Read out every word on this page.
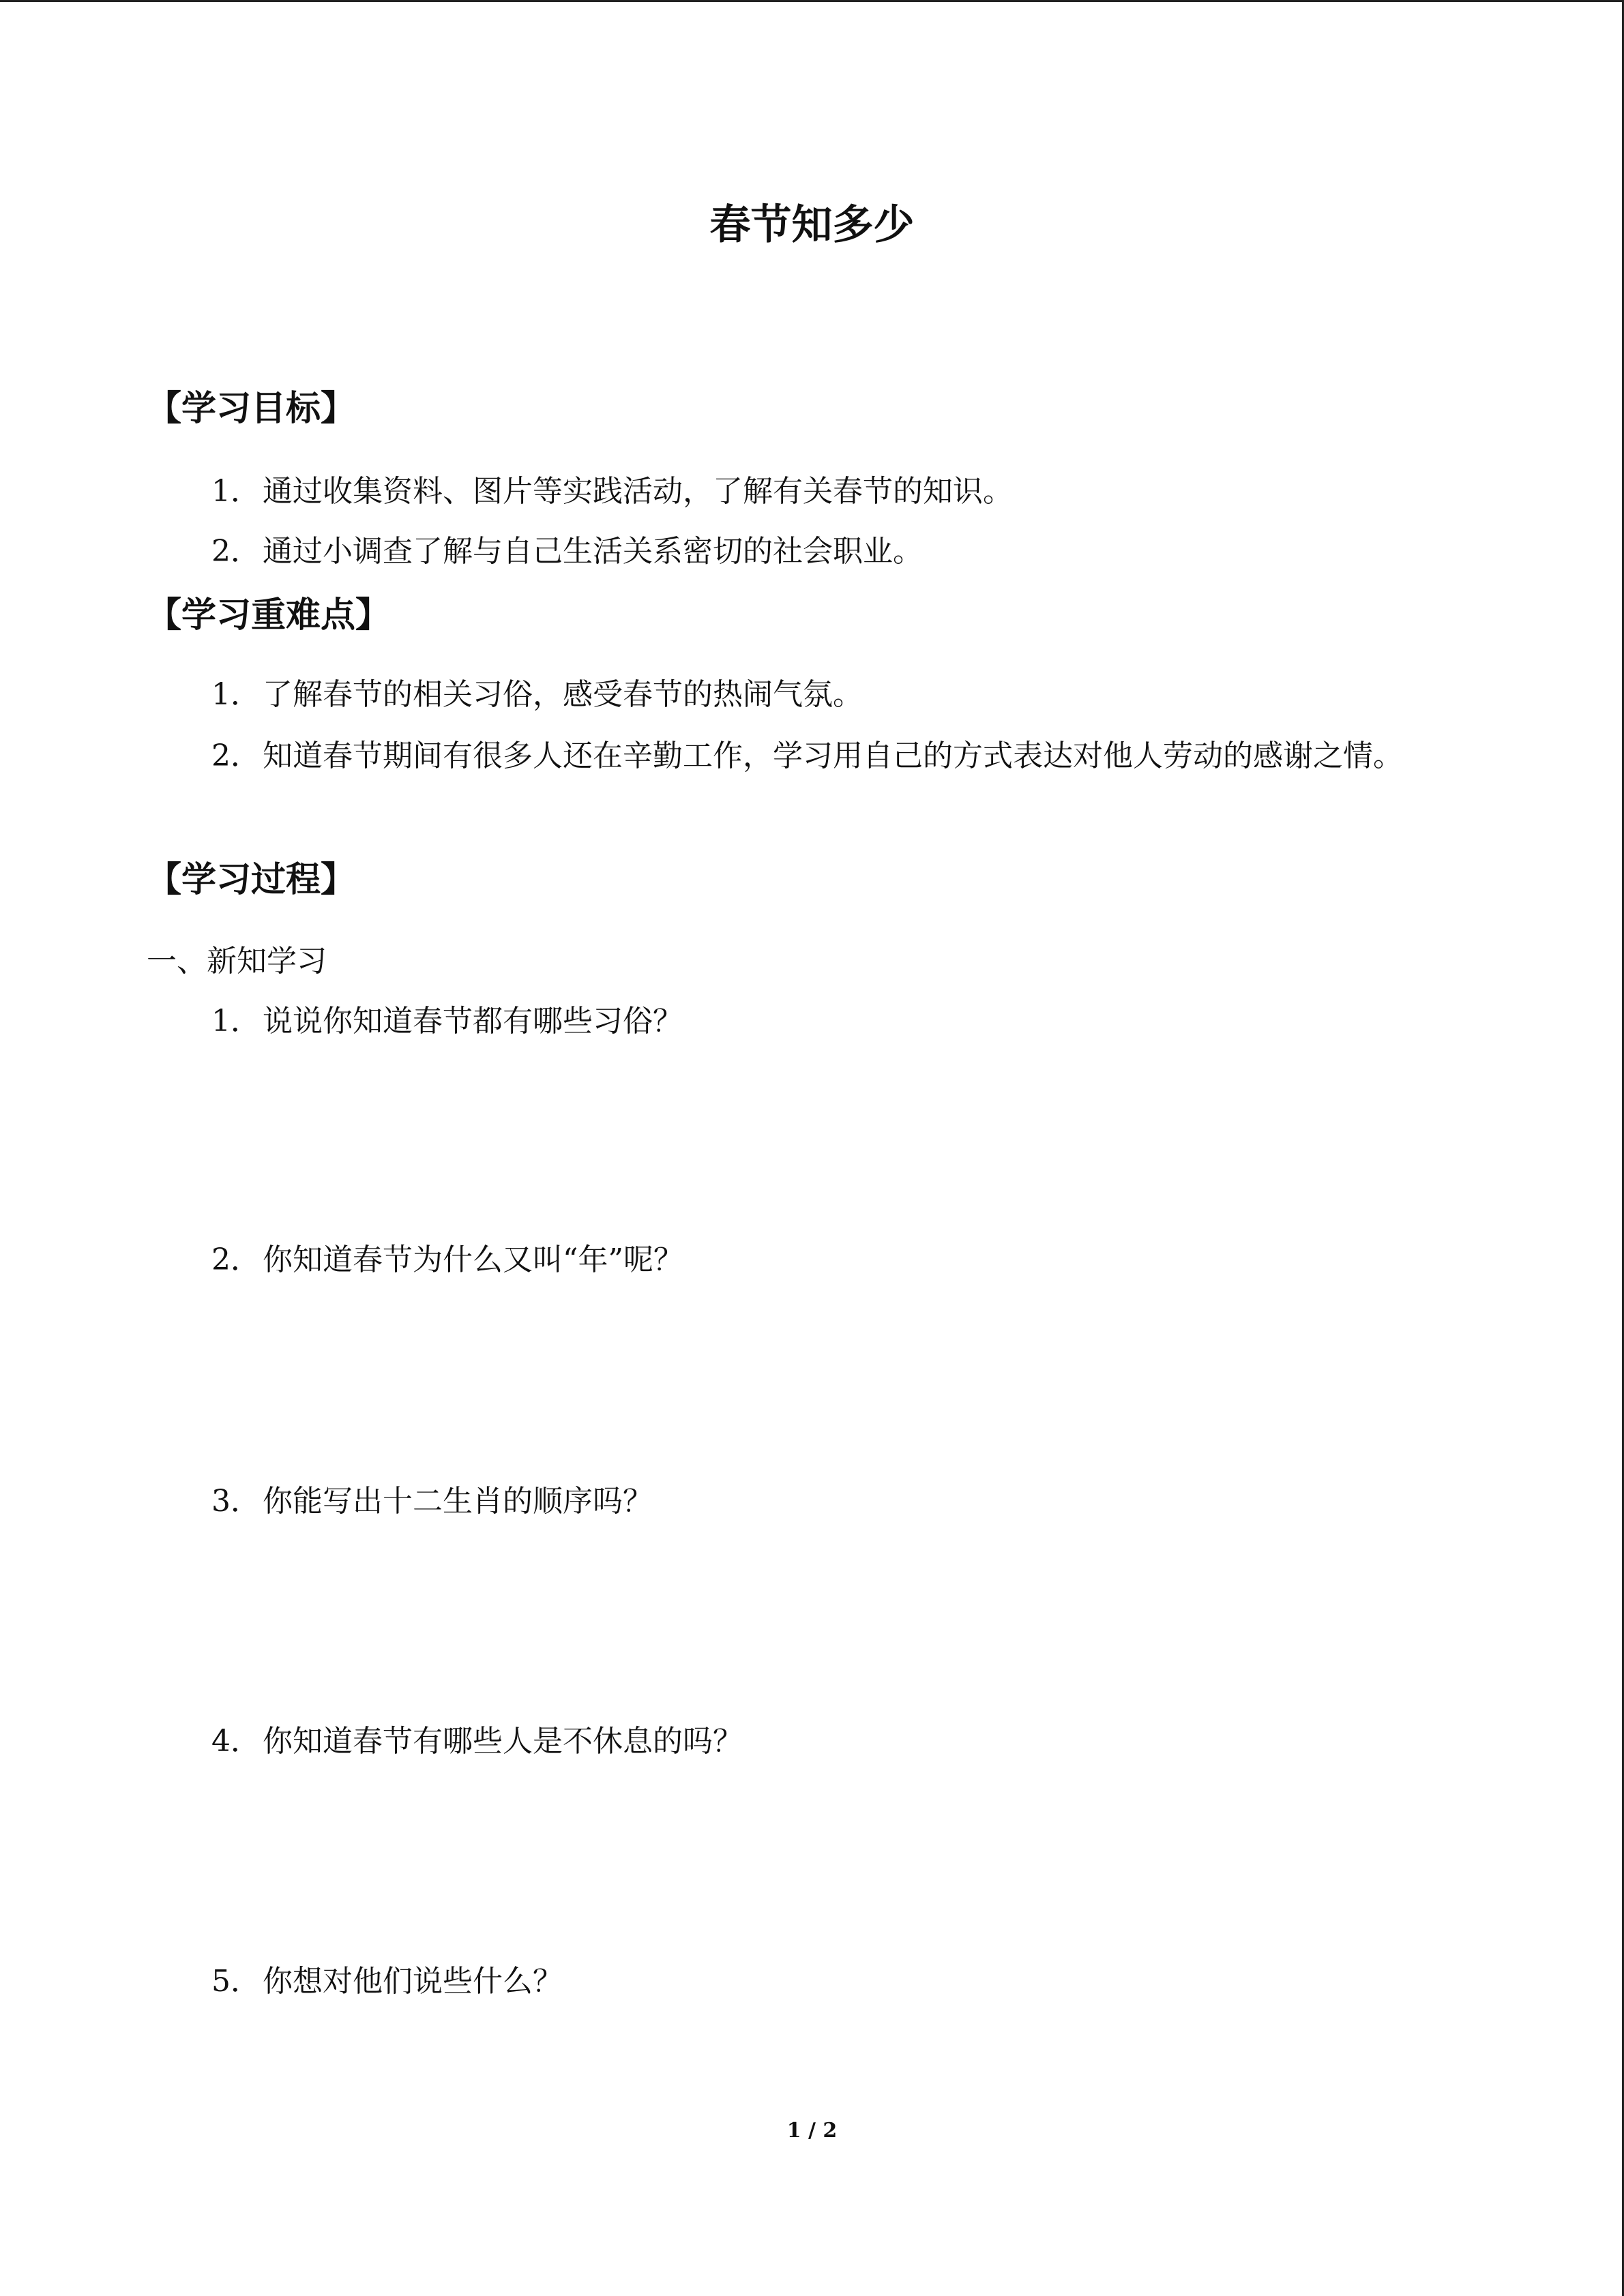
春节知多少
【学习目标】
1．通过收集资料、图片等实践活动，了解有关春节的知识。
2．通过小调查了解与自己生活关系密切的社会职业。
【学习重难点】
1．了解春节的相关习俗，感受春节的热闹气氛。

2．知道春节期间有很多人还在辛勤工作，学习用自己的方式表达对他人劳动的感谢之情。

【学习过程】
一、新知学习
1．说说你知道春节都有哪些习俗？
2．你知道春节为什么又叫“年”呢？
3．你能写出十二生肖的顺序吗？
4．你知道春节有哪些人是不休息的吗？
5．你想对他们说些什么？
1 / 2
